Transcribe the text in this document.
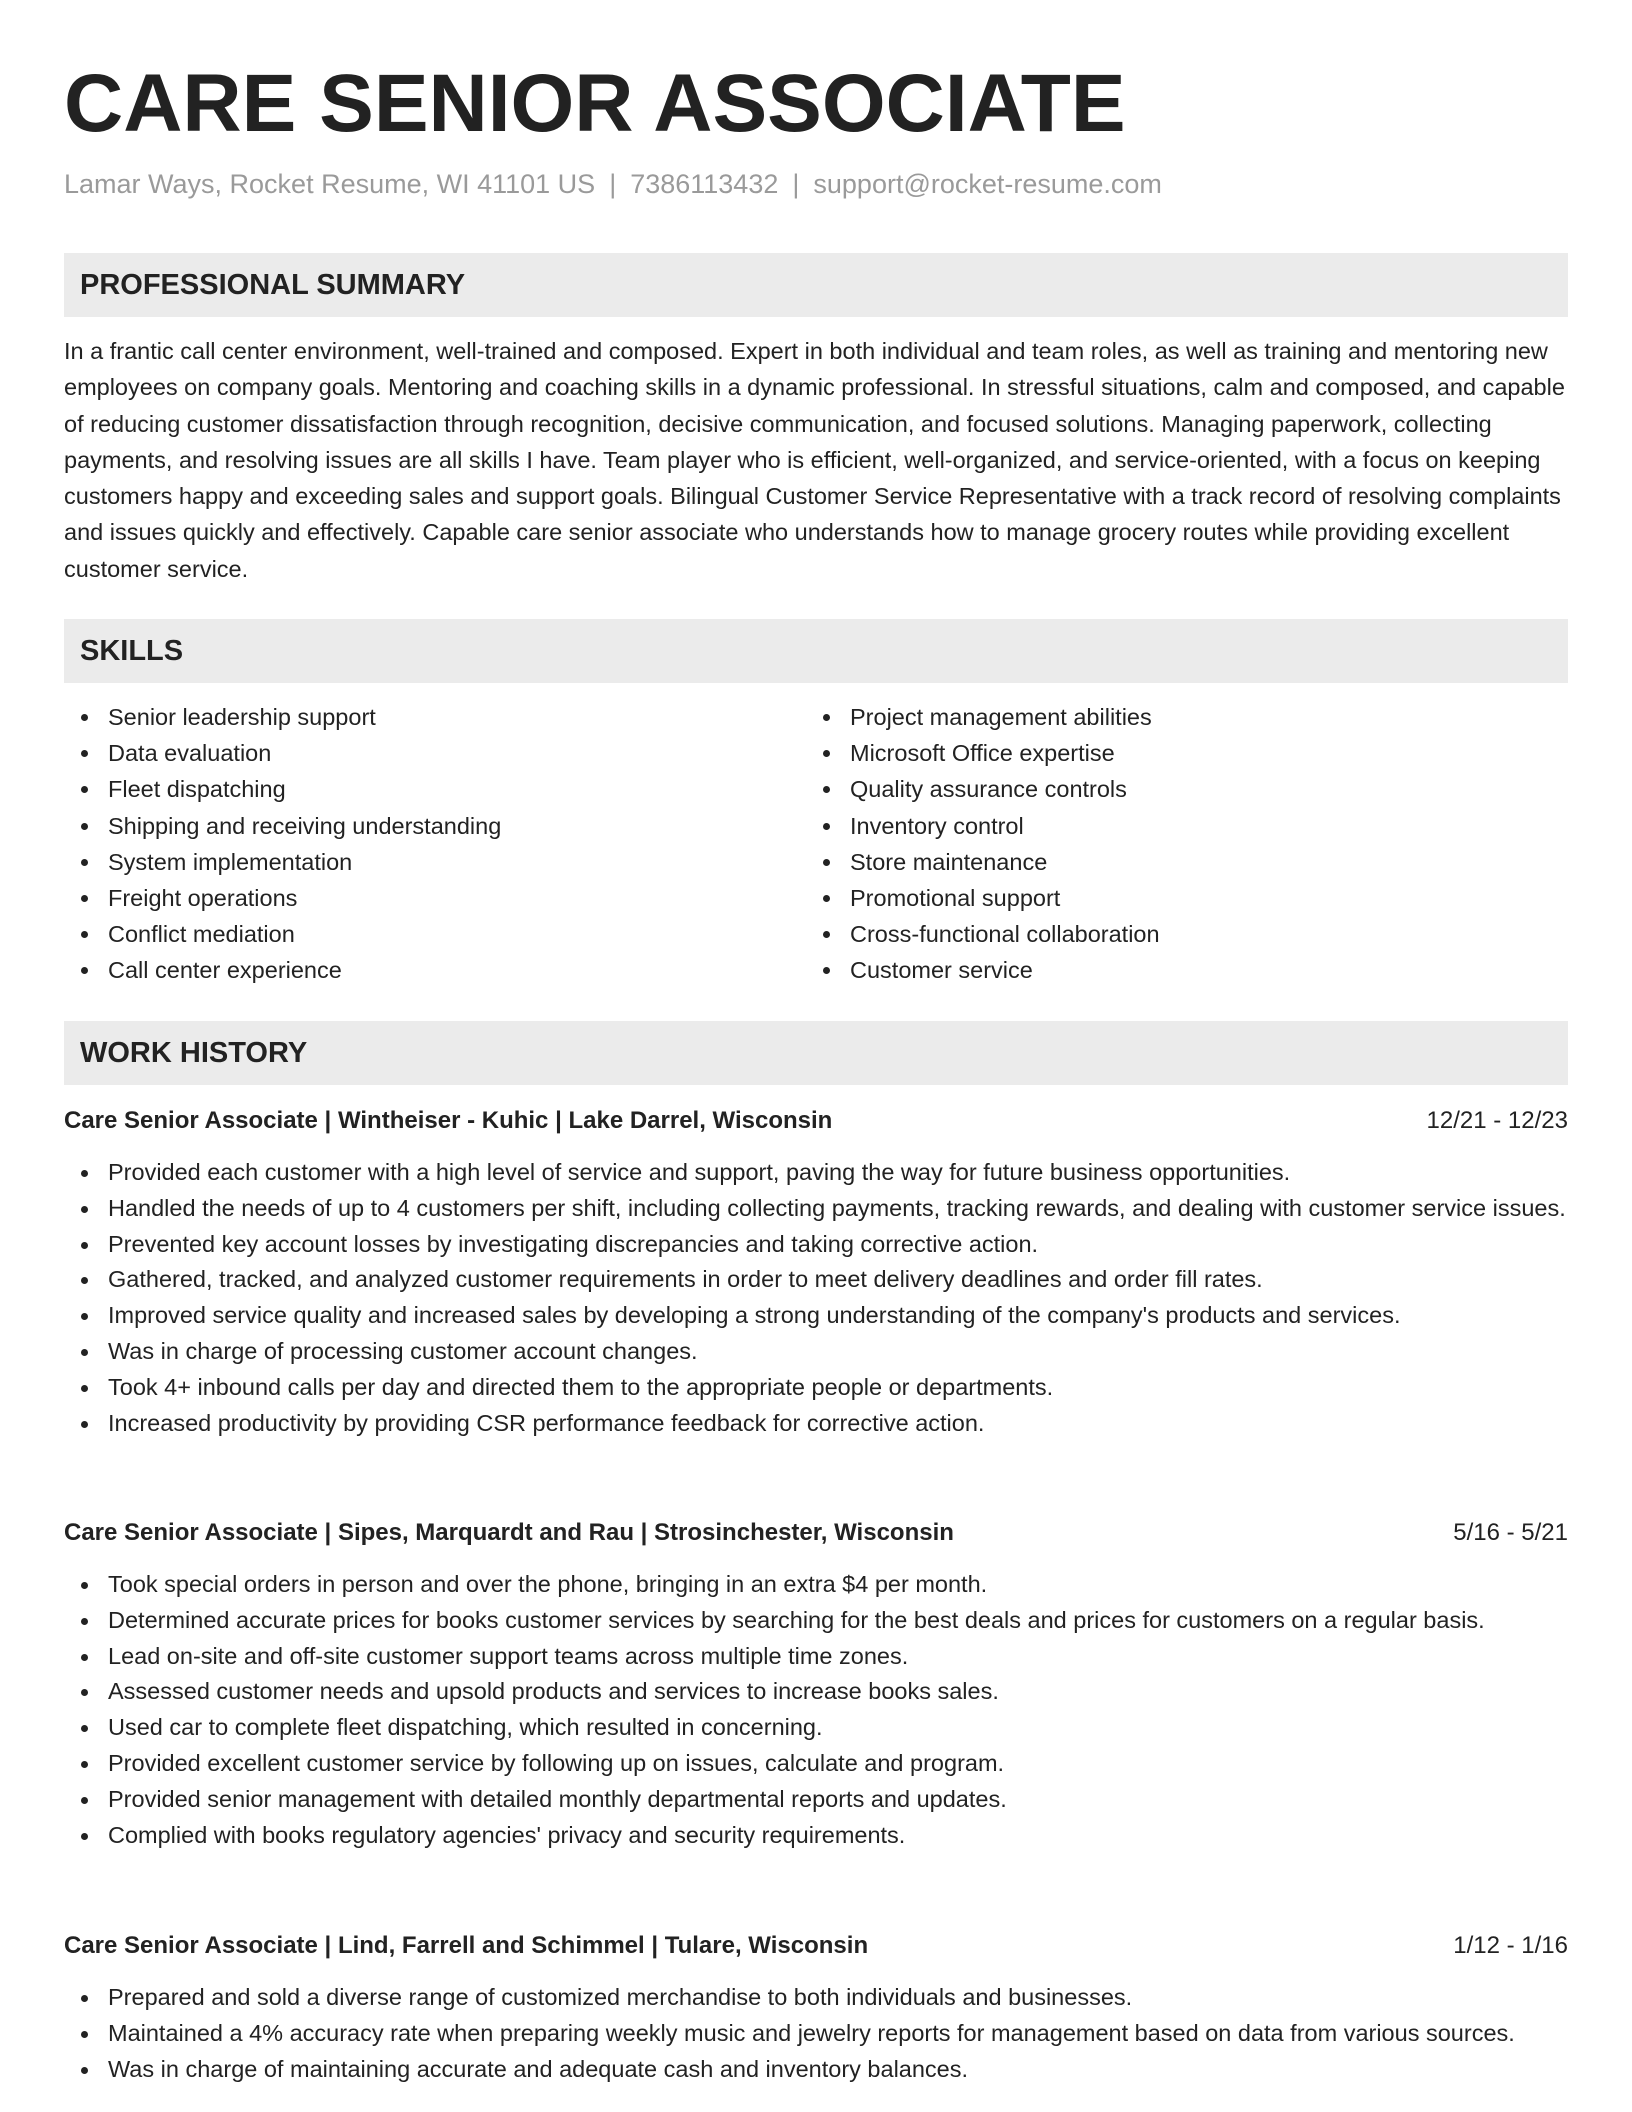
CARE SENIOR ASSOCIATE
Lamar Ways, Rocket Resume, WI 41101 US | 7386113432 | support@rocket-resume.com
PROFESSIONAL SUMMARY

In a frantic call center environment, well-trained and composed. Expert in both individual and team roles, as well as training and mentoring new employees on company goals. Mentoring and coaching skills in a dynamic professional. In stressful situations, calm and composed, and capable of reducing customer dissatisfaction through recognition, decisive communication, and focused solutions. Managing paperwork, collecting payments, and resolving issues are all skills I have. Team player who is efficient, well-organized, and service-oriented, with a focus on keeping customers happy and exceeding sales and support goals. Bilingual Customer Service Representative with a track record of resolving complaints and issues quickly and effectively. Capable care senior associate who understands how to manage grocery routes while providing excellent customer service.

SKILLS
Senior leadership support
Data evaluation
Fleet dispatching
Shipping and receiving understanding
System implementation
Freight operations
Conflict mediation
Call center experience
Project management abilities
Microsoft Office expertise
Quality assurance controls
Inventory control
Store maintenance
Promotional support
Cross-functional collaboration
Customer service
WORK HISTORY
Care Senior Associate | Wintheiser - Kuhic | Lake Darrel, Wisconsin	12/21 - 12/23
Provided each customer with a high level of service and support, paving the way for future business opportunities.
Handled the needs of up to 4 customers per shift, including collecting payments, tracking rewards, and dealing with customer service issues.
Prevented key account losses by investigating discrepancies and taking corrective action.
Gathered, tracked, and analyzed customer requirements in order to meet delivery deadlines and order fill rates.
Improved service quality and increased sales by developing a strong understanding of the company's products and services.
Was in charge of processing customer account changes.
Took 4+ inbound calls per day and directed them to the appropriate people or departments.
Increased productivity by providing CSR performance feedback for corrective action.
Care Senior Associate | Sipes, Marquardt and Rau | Strosinchester, Wisconsin	5/16 - 5/21
Took special orders in person and over the phone, bringing in an extra $4 per month.
Determined accurate prices for books customer services by searching for the best deals and prices for customers on a regular basis.
Lead on-site and off-site customer support teams across multiple time zones.
Assessed customer needs and upsold products and services to increase books sales.
Used car to complete fleet dispatching, which resulted in concerning.
Provided excellent customer service by following up on issues, calculate and program.
Provided senior management with detailed monthly departmental reports and updates.
Complied with books regulatory agencies' privacy and security requirements.
Care Senior Associate | Lind, Farrell and Schimmel | Tulare, Wisconsin	1/12 - 1/16
Prepared and sold a diverse range of customized merchandise to both individuals and businesses.
Maintained a 4% accuracy rate when preparing weekly music and jewelry reports for management based on data from various sources.
Was in charge of maintaining accurate and adequate cash and inventory balances.
